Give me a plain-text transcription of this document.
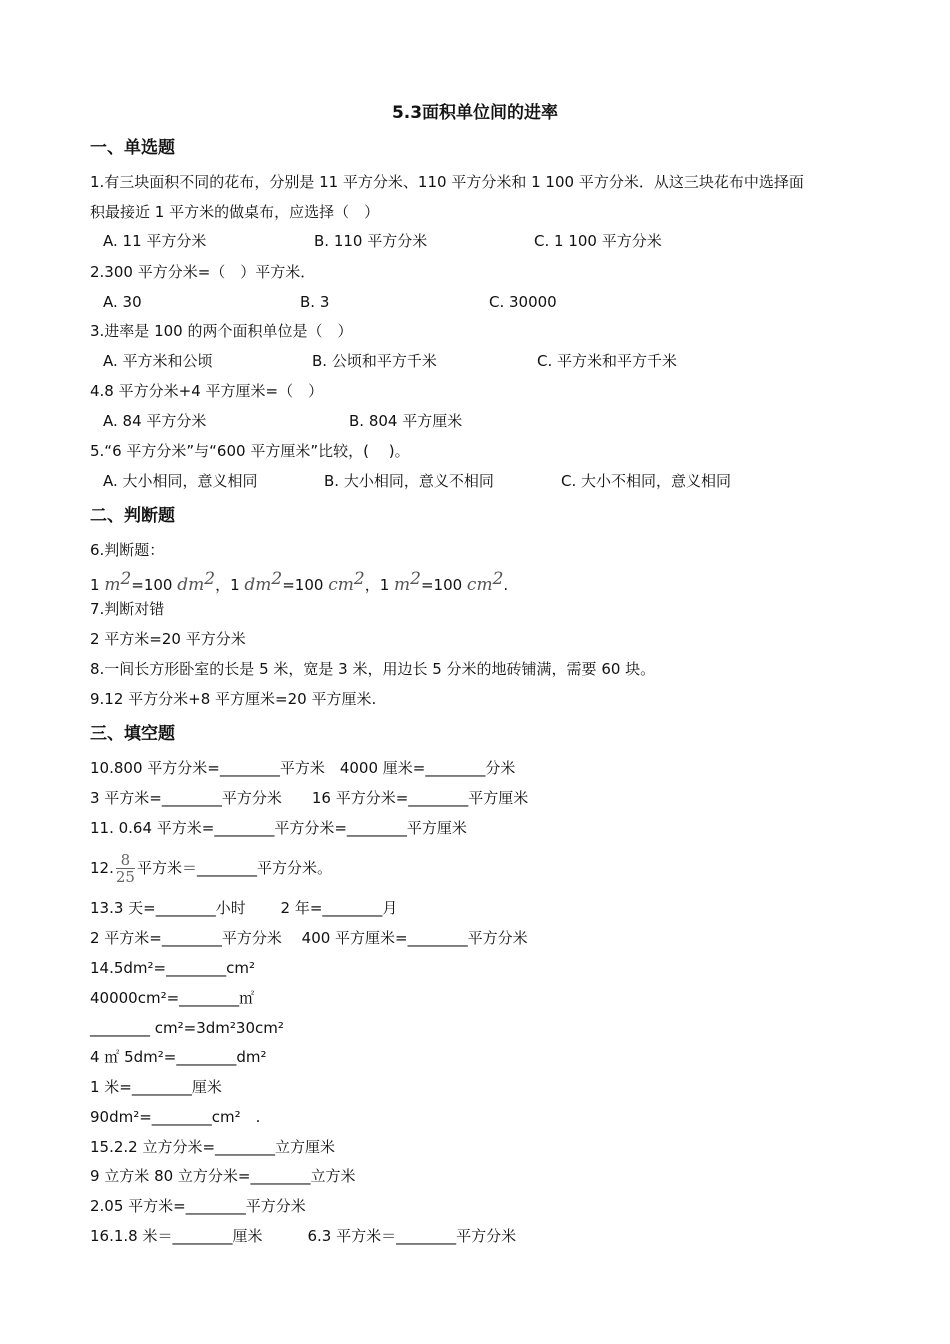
5.3面积单位间的进率
一、单选题
1.有三块面积不同的花布，分别是 11 平方分米、110 平方分米和 1 100 平方分米．从这三块花布中选择面
积最接近 1 平方米的做桌布，应选择（　）
A. 11 平方分米	B. 110 平方分米	C. 1 100 平方分米
2.300 平方分米=（　）平方米．
A. 30	B. 3	C. 30000
3.进率是 100 的两个面积单位是（　）
A. 平方米和公顷	B. 公顷和平方千米	C. 平方米和平方千米
4.8 平方分米+4 平方厘米=（　）
A. 84 平方分米	B. 804 平方厘米
5.“6 平方分米”与“600 平方厘米”比较，(　 )。
A. 大小相同，意义相同	B. 大小相同，意义不相同	C. 大小不相同，意义相同
二、判断题
6.判断题：
1 $m^2=100$ $dm^2$，1 $dm^2=100$ $cm^2$，1 $m^2=100$ $cm^2$.
7.判断对错
2 平方米=20 平方分米
8.一间长方形卧室的长是 5 米，宽是 3 米，用边长 5 分米的地砖铺满，需要 60 块。
9.12 平方分米+8 平方厘米=20 平方厘米.
三、填空题
10.800 平方分米=________平方米　4000 厘米=________分米
3 平方米=________平方分米　　16 平方分米=________平方厘米
11. 0.64 平方米=________平方分米=________平方厘米
12. $\frac{8}{25}$ 平方米＝________平方分米。
13.3 天=________小时　　 2 年=________月
2 平方米=________平方分米　 400 平方厘米=________平方分米
14.5dm²=________cm²
40000cm²=________㎡
________ cm²=3dm²30cm²
4 ㎡ 5dm²=________dm²
1 米=________厘米
90dm²=________cm²　.
15.2.2 立方分米=________立方厘米
9 立方米 80 立方分米=________立方米
2.05 平方米=________平方分米
16.1.8 米＝________厘米　　　6.3 平方米＝________平方分米
